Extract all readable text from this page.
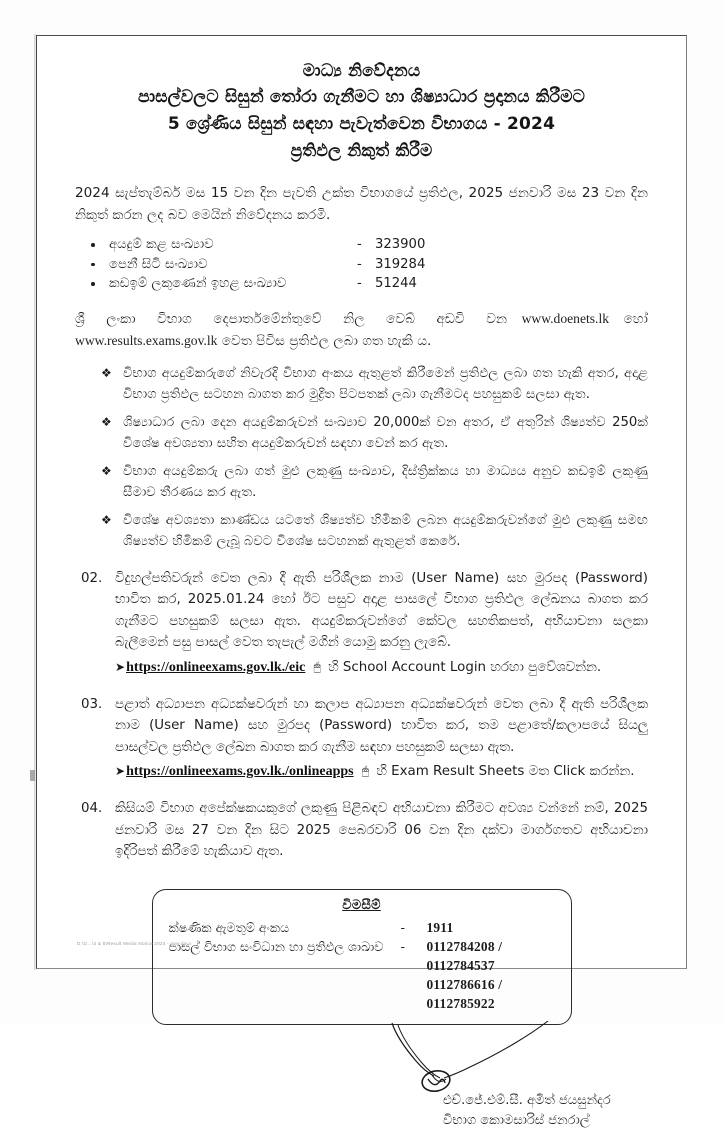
මාධ්‍ය නිවේදනය
පාසල්වලට සිසුන් තෝරා ගැනීමට හා ශිෂ්‍යාධාර ප්‍රදානය කිරීමට
5 ශ්‍රේණිය සිසුන් සඳහා පැවැත්වෙන විභාගය - 2024
ප්‍රතිඵල නිකුත් කිරීම
2024 සැප්තැම්බර් මස 15 වන දින පැවති උක්ත විභාගයේ ප්‍රතිඵල, 2025 ජනවාරි මස 23 වන දින නිකුත් කරන ලද බව මෙයින් නිවේදනය කරමි.
අයදුම් කළ සංඛ්‍යාව	-	323900
පෙනී සිටි සංඛ්‍යාව	-	319284
කඩඉම් ලකුණෙන් ඉහළ සංඛ්‍යාව	-	51244
ශ්‍රී ලංකා විභාග දෙපාර්තමේන්තුවේ නිල වෙබ් අඩවි වන www.doenets.lk හෝ www.results.exams.gov.lk වෙත පිවිස ප්‍රතිඵල ලබා ගත හැකි ය.
❖ විභාග අයදුම්කරුගේ නිවැරදි විභාග අංකය ඇතුළත් කිරීමෙන් ප්‍රතිඵල ලබා ගත හැකි අතර, අදාළ විභාග ප්‍රතිඵල සටහන බාගත කර මුද්‍රිත පිටපතක් ලබා ගැනීමටද පහසුකම් සලසා ඇත.
❖ ශිෂ්‍යාධාර ලබා දෙන අයදුම්කරුවන් සංඛ්‍යාව 20,000ක් වන අතර, ඒ අතුරින් ශිෂ්‍යත්ව 250ක් විශේෂ අවශ්‍යතා සහිත අයදුම්කරුවන් සඳහා වෙන් කර ඇත.
❖ විභාග අයදුම්කරු ලබා ගත් මුළු ලකුණු සංඛ්‍යාව, දිස්ත්‍රික්කය හා මාධ්‍යය අනුව කඩඉම් ලකුණු සීමාව තීරණය කර ඇත.
❖ විශේෂ අවශ්‍යතා කාණ්ඩය යටතේ ශිෂ්‍යත්ව හිමිකම් ලබන අයදුම්කරුවන්ගේ මුළු ලකුණු සමඟ ශිෂ්‍යත්ව හිමිකම් ලැබූ බවට විශේෂ සටහනක් ඇතුළත් කෙරේ.
02. විදුහල්පතිවරුන් වෙත ලබා දී ඇති පරිශීලක නාම (User Name) සහ මුරපද (Password) භාවිත කර, 2025.01.24 හෝ ඊට පසුව අදාළ පාසලේ විභාග ප්‍රතිඵල ලේඛනය බාගත කර ගැනීමට පහසුකම් සලසා ඇත. අයදුම්කරුවන්ගේ කේවල සහතිකපත්, අභියාචනා සලකා බැලීමෙන් පසු පාසල් වෙත තැපැල් මගින් යොමු කරනු ලැබේ.
➤https://onlineexams.gov.lk./eic 🖱 හි School Account Login හරහා පුවේශවන්න.
03. පළාත් අධ්‍යාපන අධ්‍යක්ෂවරුන් හා කලාප අධ්‍යාපන අධ්‍යක්ෂවරුන් වෙත ලබා දී ඇති පරිශීලක නාම (User Name) සහ මුරපද (Password) භාවිත කර, තම පළාතේ/කලාපයේ සියලු පාසල්වල ප්‍රතිඵල ලේඛන බාගත කර ගැනීම සඳහා පහසුකම් සලසා ඇත.
➤https://onlineexams.gov.lk./onlineapps 🖱 හි Exam Result Sheets මත Click කරන්න.
04. කිසියම් විභාග අපේක්ෂකයකුගේ ලකුණු පිළිබඳව අභියාචනා කිරීමට අවශ්‍ය වන්නේ නම්, 2025 ජනවාරි මස 27 වන දින සිට 2025 පෙබරවාරි 06 වන දින දක්වා මාර්ගගතව අභියාචනා ඉදිරිපත් කිරීමේ හැකියාව ඇත.
විමසීම්
ක්ෂණික ඇමතුම් අංකය	-	1911
පාසල් විභාග සංවිධාන හා ප්‍රතිඵල ශාඛාව	-	0112784208 / 0112784537
0112786616 / 0112785922
එච්.ජේ.එම්.සී. අමිත් ජයසුන්දර
විභාග කොමසාරිස් ජනරාල්
D:\G...\4 & 5\Result Media Notice 2024 - new.docx
